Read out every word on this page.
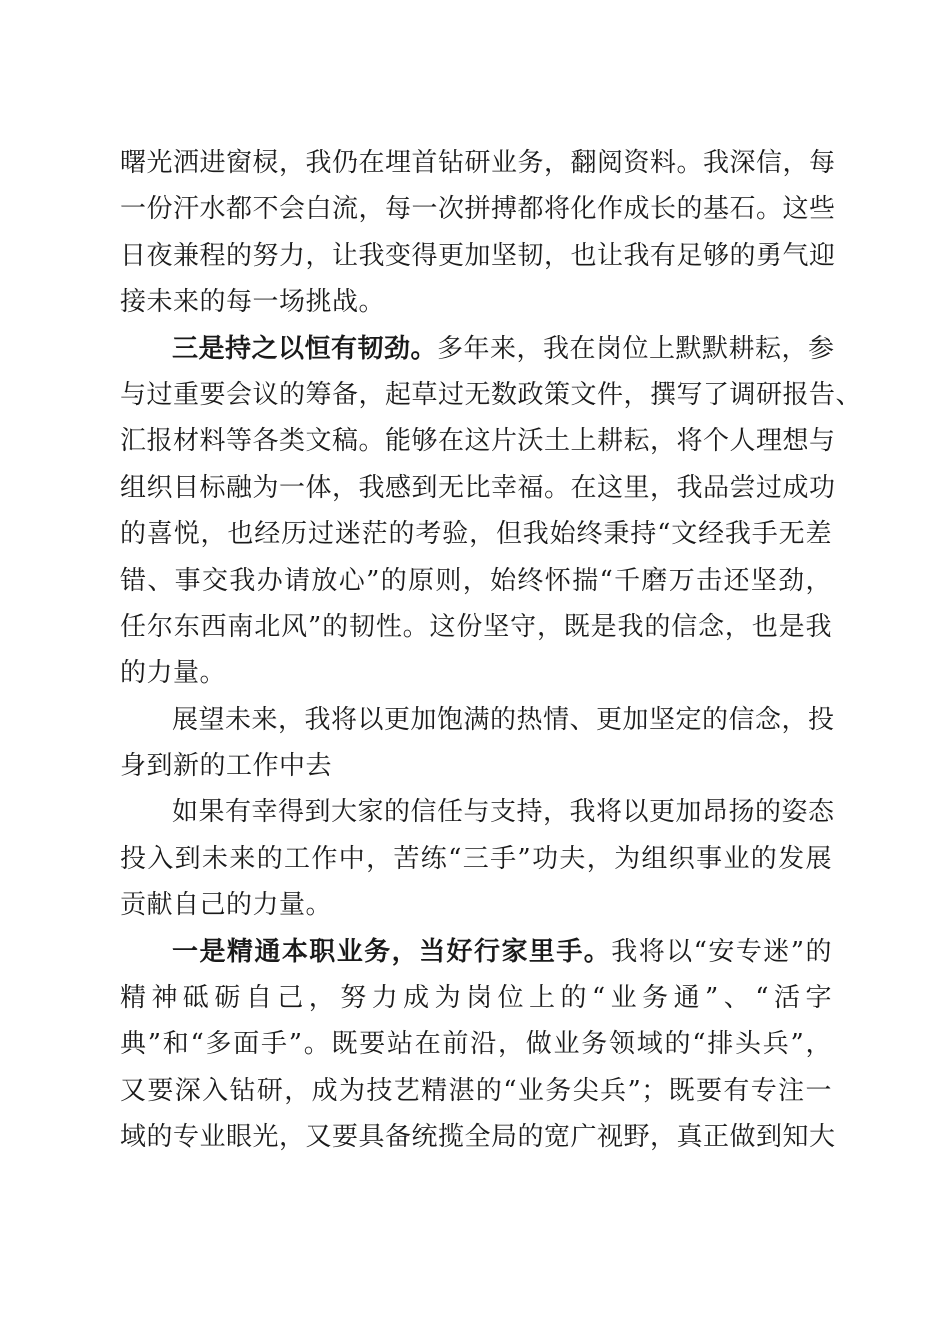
曙光洒进窗棂，我仍在埋首钻研业务，翻阅资料。我深信，每
一份汗水都不会白流，每一次拼搏都将化作成长的基石。这些
日夜兼程的努力，让我变得更加坚韧，也让我有足够的勇气迎
接未来的每一场挑战。
三是持之以恒有韧劲。多年来，我在岗位上默默耕耘，参
与过重要会议的筹备，起草过无数政策文件，撰写了调研报告、
汇报材料等各类文稿。能够在这片沃土上耕耘，将个人理想与
组织目标融为一体，我感到无比幸福。在这里，我品尝过成功
的喜悦，也经历过迷茫的考验，但我始终秉持“文经我手无差
错、事交我办请放心”的原则，始终怀揣“千磨万击还坚劲，
任尔东西南北风”的韧性。这份坚守，既是我的信念，也是我
的力量。
展望未来，我将以更加饱满的热情、更加坚定的信念，投
身到新的工作中去
如果有幸得到大家的信任与支持，我将以更加昂扬的姿态
投入到未来的工作中，苦练“三手”功夫，为组织事业的发展
贡献自己的力量。
一是精通本职业务，当好行家里手。我将以“安专迷”的
精神砥砺自己，努力成为岗位上的“业务通”、“活字
典”和“多面手”。既要站在前沿，做业务领域的“排头兵”，
又要深入钻研，成为技艺精湛的“业务尖兵”；既要有专注一
域的专业眼光，又要具备统揽全局的宽广视野，真正做到知大
